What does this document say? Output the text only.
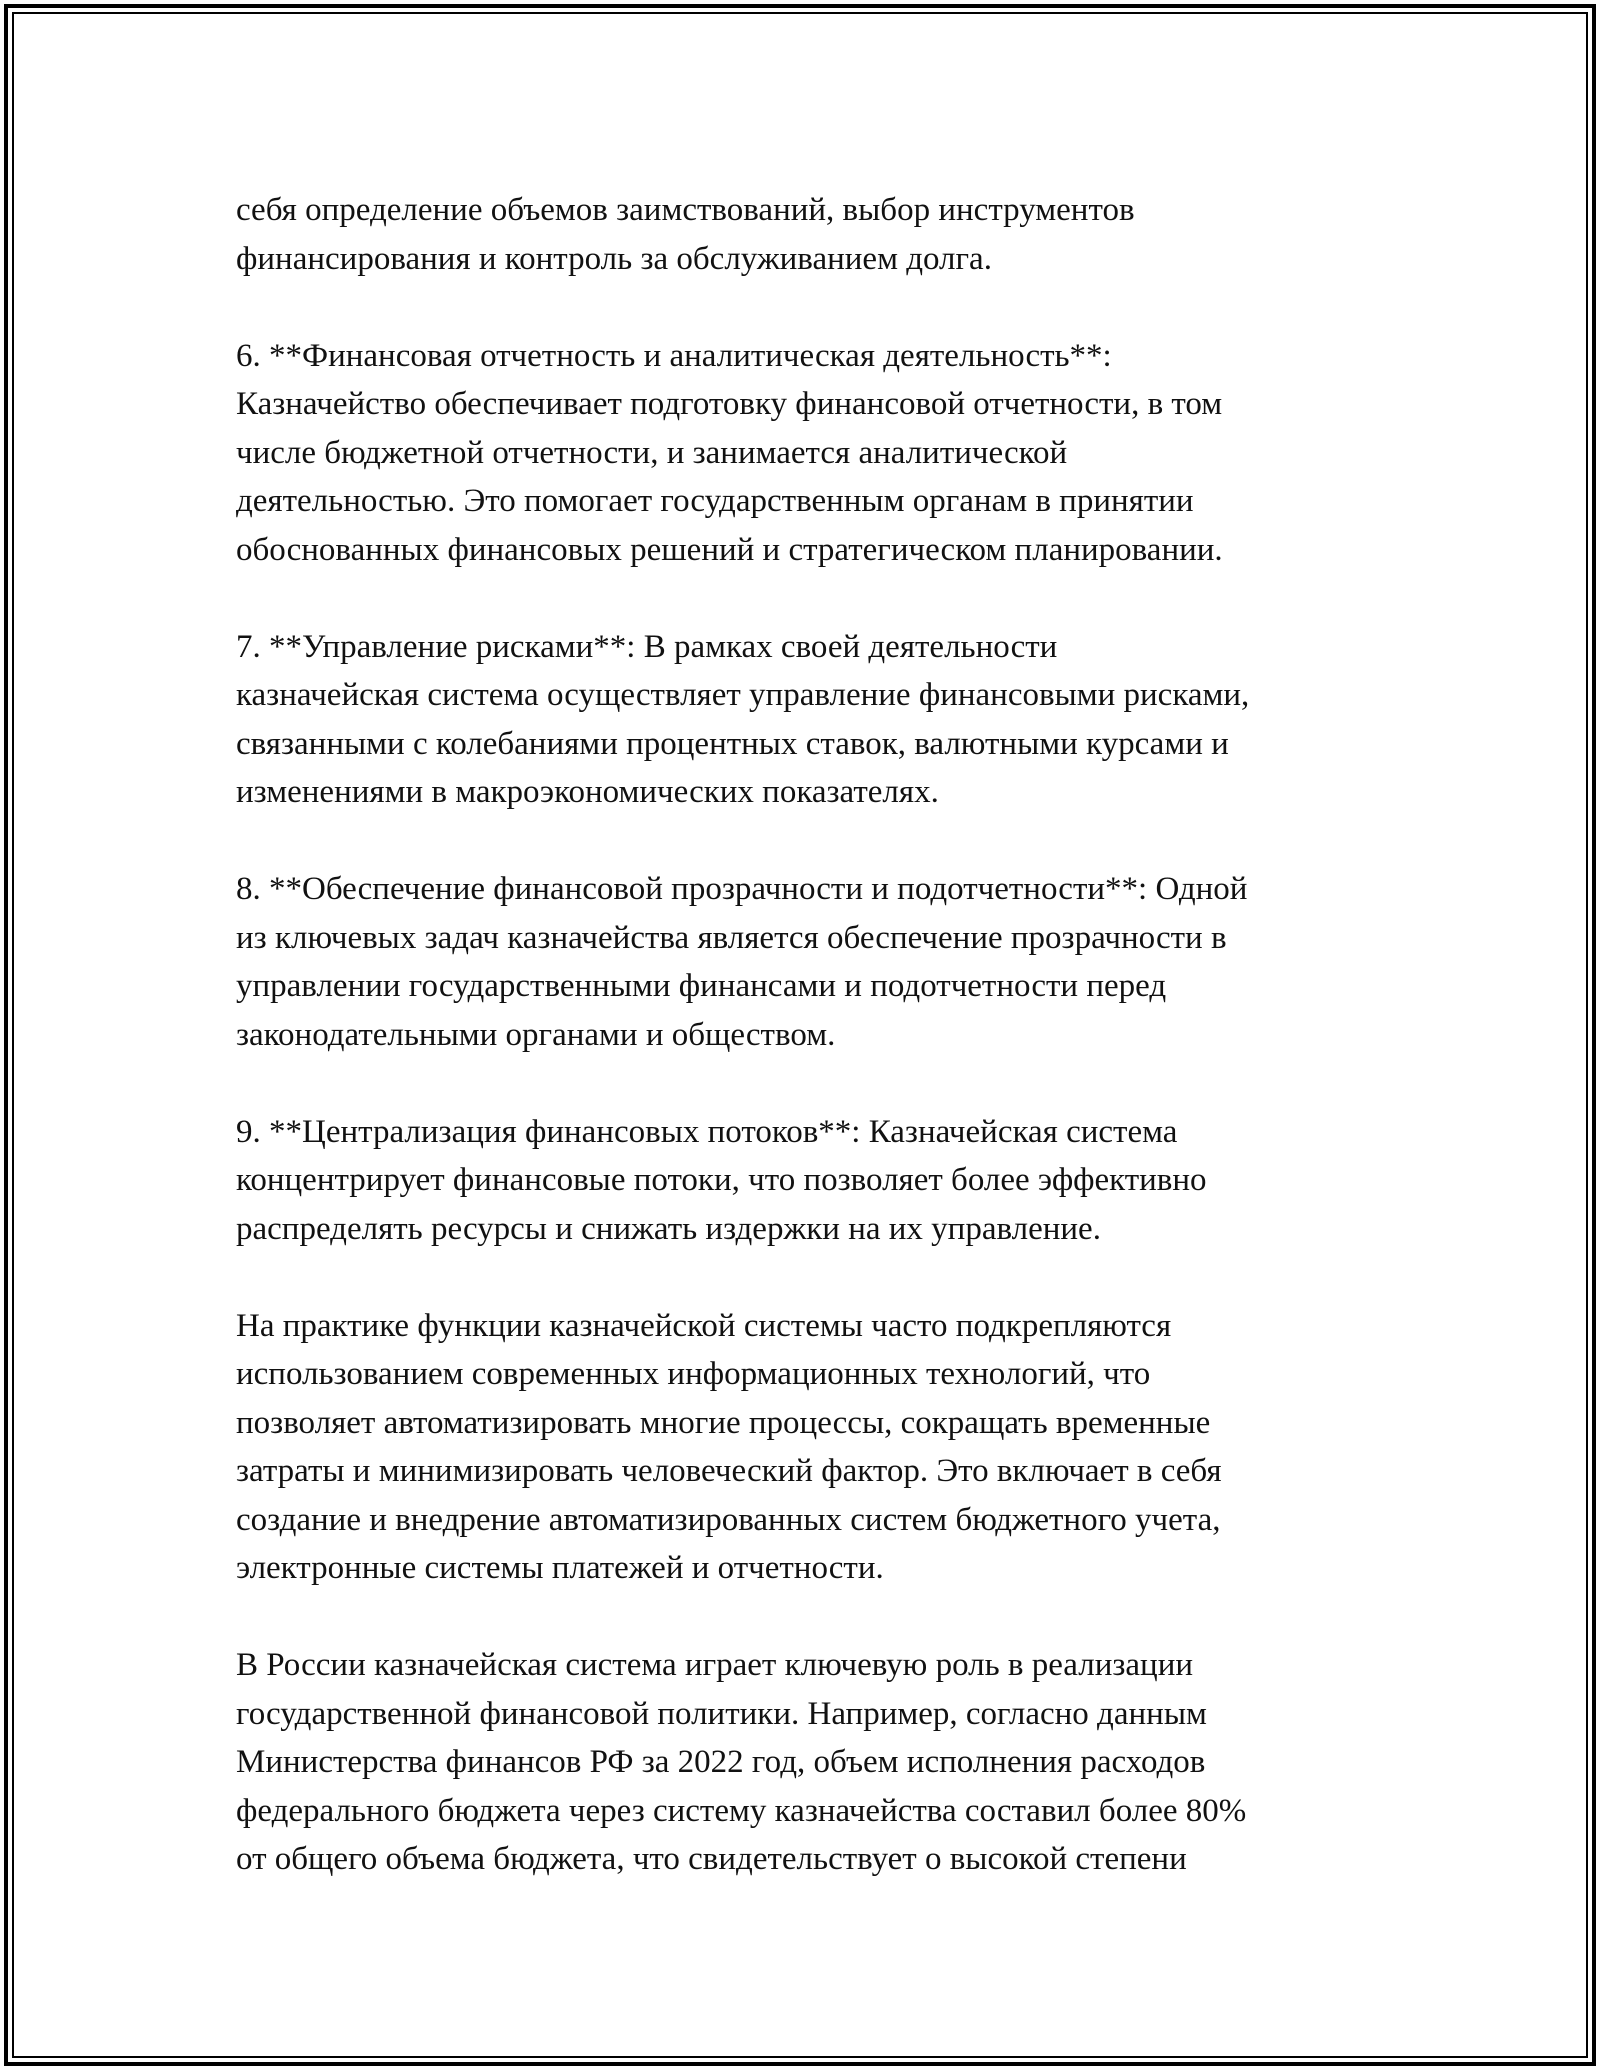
себя определение объемов заимствований, выбор инструментов
финансирования и контроль за обслуживанием долга.

6. **Финансовая отчетность и аналитическая деятельность**:
Казначейство обеспечивает подготовку финансовой отчетности, в том
числе бюджетной отчетности, и занимается аналитической
деятельностью. Это помогает государственным органам в принятии
обоснованных финансовых решений и стратегическом планировании.

7. **Управление рисками**: В рамках своей деятельности
казначейская система осуществляет управление финансовыми рисками,
связанными с колебаниями процентных ставок, валютными курсами и
изменениями в макроэкономических показателях.

8. **Обеспечение финансовой прозрачности и подотчетности**: Одной
из ключевых задач казначейства является обеспечение прозрачности в
управлении государственными финансами и подотчетности перед
законодательными органами и обществом.

9. **Централизация финансовых потоков**: Казначейская система
концентрирует финансовые потоки, что позволяет более эффективно
распределять ресурсы и снижать издержки на их управление.

На практике функции казначейской системы часто подкрепляются
использованием современных информационных технологий, что
позволяет автоматизировать многие процессы, сокращать временные
затраты и минимизировать человеческий фактор. Это включает в себя
создание и внедрение автоматизированных систем бюджетного учета,
электронные системы платежей и отчетности.

В России казначейская система играет ключевую роль в реализации
государственной финансовой политики. Например, согласно данным
Министерства финансов РФ за 2022 год, объем исполнения расходов
федерального бюджета через систему казначейства составил более 80%
от общего объема бюджета, что свидетельствует о высокой степени
